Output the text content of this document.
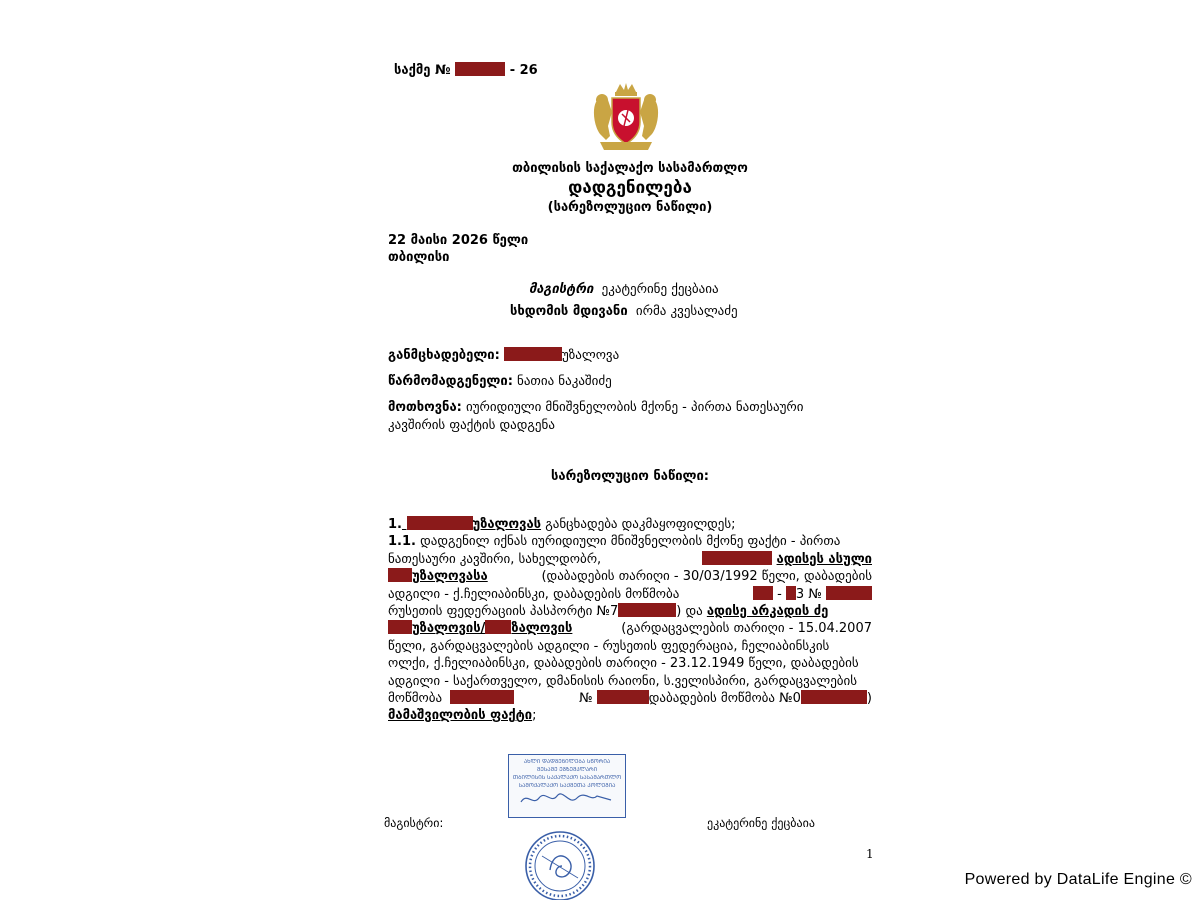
საქმე №	- 26
თბილისის საქალაქო სასამართლო
დადგენილება
(სარეზოლუციო ნაწილი)
22 მაისი 2026 წელი
თბილისი
მაგისტრი ეკატერინე ქეცბაია
სხდომის მდივანი ირმა კვესალაძე
განმცხადებელი:	უზალოვა
წარმომადგენელი: ნათია ნაკაშიძე
მოთხოვნა: იურიდიული მნიშვნელობის მქონე - პირთა ნათესაური
კავშირის ფაქტის დადგენა
სარეზოლუციო ნაწილი:
1.	უზალოვას განცხადება დაკმაყოფილდეს;
1.1. დადგენილ იქნას იურიდიული მნიშვნელობის მქონე ფაქტი - პირთა
ნათესაური კავშირი, სახელდობრ,	ადისეს ასული
უზალოვასა	(დაბადების თარიღი - 30/03/1992 წელი, დაბადების
ადგილი - ქ.ჩელიაბინსკი, დაბადების მოწმობა	- 3 №
რუსეთის ფედერაციის პასპორტი №7	) და ადისე არკადის ძე
უზალოვის/ ზალოვის	(გარდაცვალების თარიღი - 15.04.2007
წელი, გარდაცვალების ადგილი - რუსეთის ფედერაცია, ჩელიაბინსკის
ოლქი, ქ.ჩელიაბინსკი, დაბადების თარიღი - 23.12.1949 წელი, დაბადების
ადგილი - საქართველო, დმანისის რაიონი, ს.ველისპირი, გარდაცვალების
მოწმობა	№	დაბადების მოწმობა №0	)
მამაშვილობის ფაქტი;
ᲐᲮᲚᲘ ᲓᲐᲓᲒᲔᲜᲘᲚᲔᲑᲐ ᲡᲬᲝᲠᲘᲐ
ᲛᲔᲡᲐᲛᲔ ᲔᲒᲖᲔᲛᲞᲚᲐᲠᲘ
ᲗᲑᲘᲚᲘᲡᲘᲡ ᲡᲐᲥᲐᲚᲐᲥᲝ ᲡᲐᲡᲐᲛᲐᲠᲗᲚᲝ
ᲡᲐᲛᲝᲥᲐᲚᲐᲥᲝ ᲡᲐᲥᲛᲔᲗᲐ ᲙᲝᲚᲔᲒᲘᲐ
მაგისტრი:	ეკატერინე ქეცბაია
1
Powered by DataLife Engine ©
